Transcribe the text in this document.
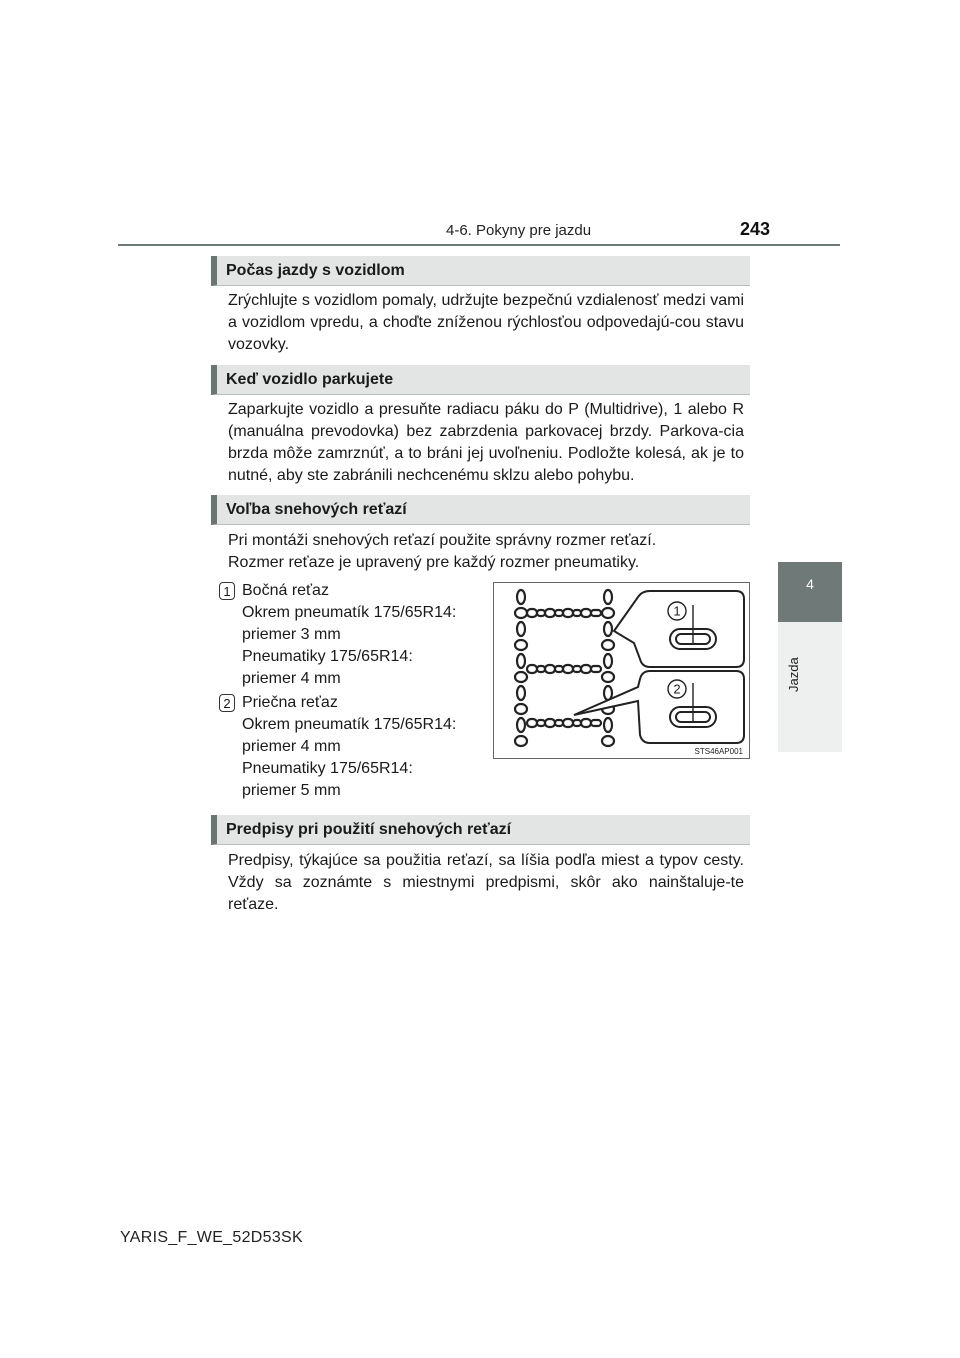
4-6. Pokyny pre jazdu	243
4
Jazda
Počas jazdy s vozidlom

Zrýchlujte s vozidlom pomaly, udržujte bezpečnú vzdialenosť medzi vami a vozidlom vpredu, a choďte zníženou rýchlosťou odpovedajú-cou stavu vozovky.

Keď vozidlo parkujete

Zaparkujte vozidlo a presuňte radiacu páku do P (Multidrive), 1 alebo R (manuálna prevodovka) bez zabrzdenia parkovacej brzdy. Parkova-cia brzda môže zamrznúť, a to bráni jej uvoľneniu. Podložte kolesá, ak je to nutné, aby ste zabránili nechcenému sklzu alebo pohybu.

Voľba snehových reťazí
Pri montáži snehových reťazí použite správny rozmer reťazí.
Rozmer reťaze je upravený pre každý rozmer pneumatiky.
1 Bočná reťaz
Okrem pneumatík 175/65R14:
priemer 3 mm
Pneumatiky 175/65R14:
priemer 4 mm
2 Priečna reťaz
Okrem pneumatík 175/65R14:
priemer 4 mm
Pneumatiky 175/65R14:
priemer 5 mm
1
2
STS46AP001
Predpisy pri použití snehových reťazí

Predpisy, týkajúce sa použitia reťazí, sa líšia podľa miest a typov cesty. Vždy sa zoznámte s miestnymi predpismi, skôr ako nainštaluje-te reťaze.

YARIS_F_WE_52D53SK
